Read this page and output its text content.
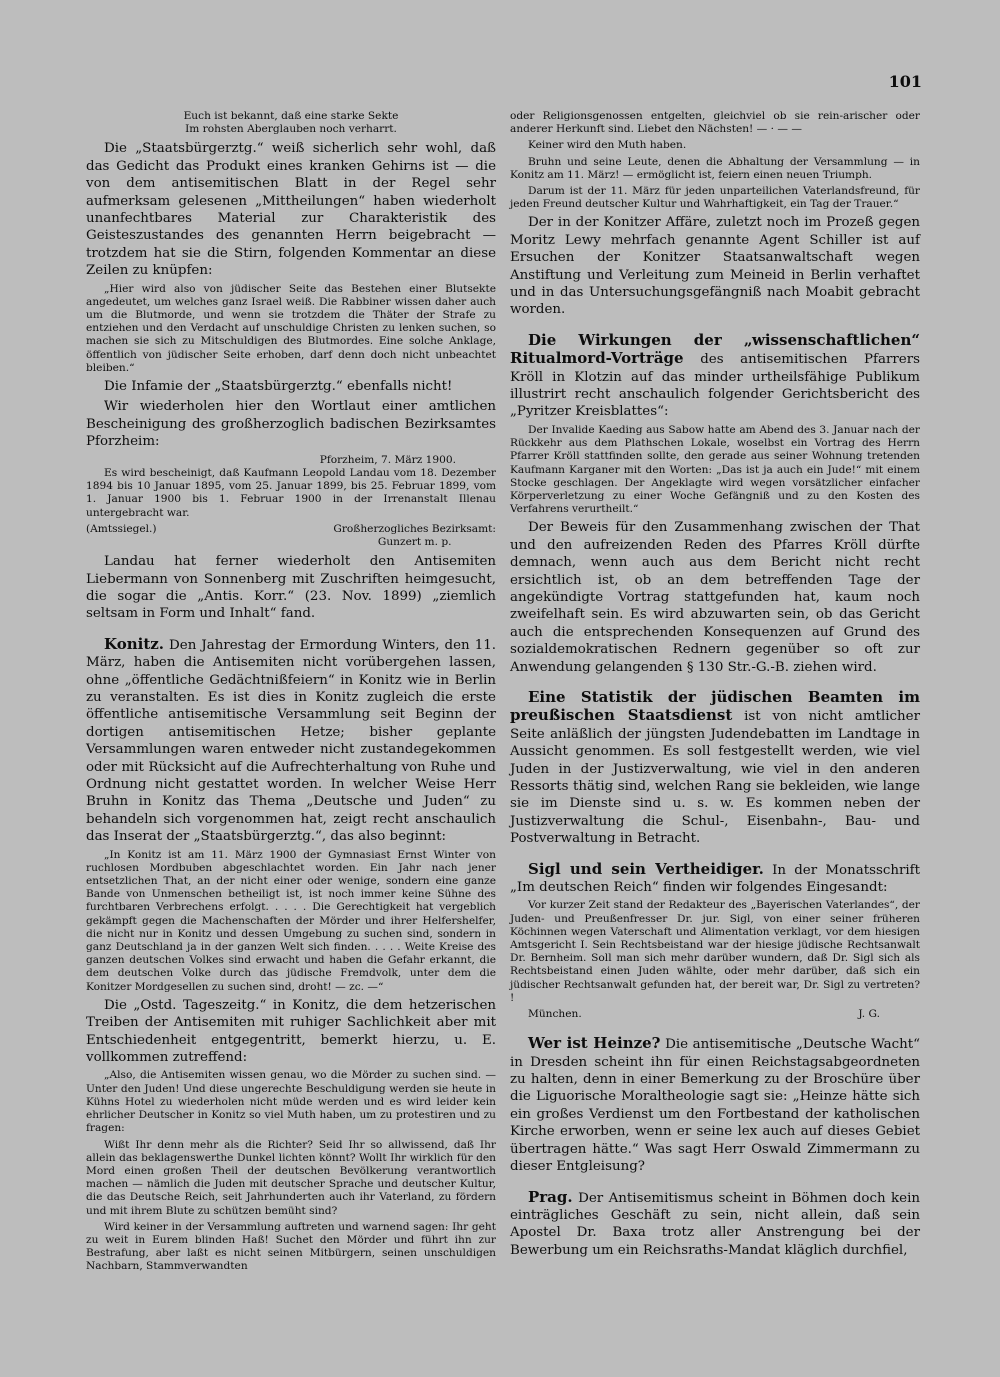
101
Euch ist bekannt, daß eine starke Sekte
Im rohsten Aberglauben noch verharrt.

Die „Staatsbürgerztg.“ weiß sicherlich sehr wohl, daß das Gedicht das Produkt eines kranken Gehirns ist — die von dem antisemitischen Blatt in der Regel sehr aufmerksam gelesenen „Mittheilungen“ haben wiederholt unanfechtbares Material zur Charakteristik des Geisteszustandes des genannten Herrn beigebracht — trotzdem hat sie die Stirn, folgenden Kommentar an diese Zeilen zu knüpfen:

„Hier wird also von jüdischer Seite das Bestehen einer Blutsekte angedeutet, um welches ganz Israel weiß. Die Rabbiner wissen daher auch um die Blutmorde, und wenn sie trotzdem die Thäter der Strafe zu entziehen und den Verdacht auf unschuldige Christen zu lenken suchen, so machen sie sich zu Mitschuldigen des Blutmordes. Eine solche Anklage, öffentlich von jüdischer Seite erhoben, darf denn doch nicht unbeachtet bleiben.“

Die Infamie der „Staatsbürgerztg.“ ebenfalls nicht!

Wir wiederholen hier den Wortlaut einer amtlichen Bescheinigung des großherzoglich badischen Bezirksamtes Pforzheim:

Pforzheim, 7. März 1900.

Es wird bescheinigt, daß Kaufmann Leopold Landau vom 18. Dezember 1894 bis 10 Januar 1895, vom 25. Januar 1899, bis 25. Februar 1899, vom 1. Januar 1900 bis 1. Februar 1900 in der Irrenanstalt Illenau untergebracht war.

(Amtssiegel.)	Großherzogliches Bezirksamt:
Gunzert m. p.

Landau hat ferner wiederholt den Antisemiten Liebermann von Sonnenberg mit Zuschriften heimgesucht, die sogar die „Antis. Korr.“ (23. Nov. 1899) „ziemlich seltsam in Form und Inhalt“ fand.

Konitz. Den Jahrestag der Ermordung Winters, den 11. März, haben die Antisemiten nicht vorübergehen lassen, ohne „öffentliche Gedächtnißfeiern“ in Konitz wie in Berlin zu veranstalten. Es ist dies in Konitz zugleich die erste öffentliche antisemitische Versammlung seit Beginn der dortigen antisemitischen Hetze; bisher geplante Versammlungen waren entweder nicht zustandegekommen oder mit Rücksicht auf die Aufrechterhaltung von Ruhe und Ordnung nicht gestattet worden. In welcher Weise Herr Bruhn in Konitz das Thema „Deutsche und Juden“ zu behandeln sich vorgenommen hat, zeigt recht anschaulich das Inserat der „Staatsbürgerztg.“, das also beginnt:

„In Konitz ist am 11. März 1900 der Gymnasiast Ernst Winter von ruchlosen Mordbuben abgeschlachtet worden. Ein Jahr nach jener entsetzlichen That, an der nicht einer oder wenige, sondern eine ganze Bande von Unmenschen betheiligt ist, ist noch immer keine Sühne des furchtbaren Verbrechens erfolgt. . . . . Die Gerechtigkeit hat vergeblich gekämpft gegen die Machenschaften der Mörder und ihrer Helfershelfer, die nicht nur in Konitz und dessen Umgebung zu suchen sind, sondern in ganz Deutschland ja in der ganzen Welt sich finden. . . . . Weite Kreise des ganzen deutschen Volkes sind erwacht und haben die Gefahr erkannt, die dem deutschen Volke durch das jüdische Fremdvolk, unter dem die Konitzer Mordgesellen zu suchen sind, droht! — zc. —“

Die „Ostd. Tageszeitg.“ in Konitz, die dem hetzerischen Treiben der Antisemiten mit ruhiger Sachlichkeit aber mit Entschiedenheit entgegentritt, bemerkt hierzu, u. E. vollkommen zutreffend:

„Also, die Antisemiten wissen genau, wo die Mörder zu suchen sind. — Unter den Juden! Und diese ungerechte Beschuldigung werden sie heute in Kühns Hotel zu wiederholen nicht müde werden und es wird leider kein ehrlicher Deutscher in Konitz so viel Muth haben, um zu protestiren und zu fragen:

Wißt Ihr denn mehr als die Richter? Seid Ihr so allwissend, daß Ihr allein das beklagenswerthe Dunkel lichten könnt? Wollt Ihr wirklich für den Mord einen großen Theil der deutschen Bevölkerung verantwortlich machen — nämlich die Juden mit deutscher Sprache und deutscher Kultur, die das Deutsche Reich, seit Jahrhunderten auch ihr Vaterland, zu fördern und mit ihrem Blute zu schützen bemüht sind?

Wird keiner in der Versammlung auftreten und warnend sagen: Ihr geht zu weit in Eurem blinden Haß! Suchet den Mörder und führt ihn zur Bestrafung, aber laßt es nicht seinen Mitbürgern, seinen unschuldigen Nachbarn, Stammverwandten

oder Religionsgenossen entgelten, gleichviel ob sie rein-arischer oder anderer Herkunft sind. Liebet den Nächsten! — · — —

Keiner wird den Muth haben.

Bruhn und seine Leute, denen die Abhaltung der Versammlung — in Konitz am 11. März! — ermöglicht ist, feiern einen neuen Triumph.

Darum ist der 11. März für jeden unparteilichen Vaterlandsfreund, für jeden Freund deutscher Kultur und Wahrhaftigkeit, ein Tag der Trauer.“

Der in der Konitzer Affäre, zuletzt noch im Prozeß gegen Moritz Lewy mehrfach genannte Agent Schiller ist auf Ersuchen der Konitzer Staatsanwaltschaft wegen Anstiftung und Verleitung zum Meineid in Berlin verhaftet und in das Untersuchungsgefängniß nach Moabit gebracht worden.

Die Wirkungen der „wissenschaftlichen“ Ritualmord-Vorträge des antisemitischen Pfarrers Kröll in Klotzin auf das minder urtheilsfähige Publikum illustrirt recht anschaulich folgender Gerichtsbericht des „Pyritzer Kreisblattes“:

Der Invalide Kaeding aus Sabow hatte am Abend des 3. Januar nach der Rückkehr aus dem Plathschen Lokale, woselbst ein Vortrag des Herrn Pfarrer Kröll stattfinden sollte, den gerade aus seiner Wohnung tretenden Kaufmann Karganer mit den Worten: „Das ist ja auch ein Jude!“ mit einem Stocke geschlagen. Der Angeklagte wird wegen vorsätzlicher einfacher Körperverletzung zu einer Woche Gefängniß und zu den Kosten des Verfahrens verurtheilt.“

Der Beweis für den Zusammenhang zwischen der That und den aufreizenden Reden des Pfarres Kröll dürfte demnach, wenn auch aus dem Bericht nicht recht ersichtlich ist, ob an dem betreffenden Tage der angekündigte Vortrag stattgefunden hat, kaum noch zweifelhaft sein. Es wird abzuwarten sein, ob das Gericht auch die entsprechenden Konsequenzen auf Grund des sozialdemokratischen Rednern gegenüber so oft zur Anwendung gelangenden § 130 Str.-G.-B. ziehen wird.

Eine Statistik der jüdischen Beamten im preußischen Staatsdienst ist von nicht amtlicher Seite anläßlich der jüngsten Judendebatten im Landtage in Aussicht genommen. Es soll festgestellt werden, wie viel Juden in der Justizverwaltung, wie viel in den anderen Ressorts thätig sind, welchen Rang sie bekleiden, wie lange sie im Dienste sind u. s. w. Es kommen neben der Justizverwaltung die Schul-, Eisenbahn-, Bau- und Postverwaltung in Betracht.

Sigl und sein Vertheidiger. In der Monatsschrift „Im deutschen Reich“ finden wir folgendes Eingesandt:

Vor kurzer Zeit stand der Redakteur des „Bayerischen Vaterlandes“, der Juden- und Preußenfresser Dr. jur. Sigl, von einer seiner früheren Köchinnen wegen Vaterschaft und Alimentation verklagt, vor dem hiesigen Amtsgericht I. Sein Rechtsbeistand war der hiesige jüdische Rechtsanwalt Dr. Bernheim. Soll man sich mehr darüber wundern, daß Dr. Sigl sich als Rechtsbeistand einen Juden wählte, oder mehr darüber, daß sich ein jüdischer Rechtsanwalt gefunden hat, der bereit war, Dr. Sigl zu vertreten? !

München.	J. G.

Wer ist Heinze? Die antisemitische „Deutsche Wacht“ in Dresden scheint ihn für einen Reichstagsabgeordneten zu halten, denn in einer Bemerkung zu der Broschüre über die Liguorische Moraltheologie sagt sie: „Heinze hätte sich ein großes Verdienst um den Fortbestand der katholischen Kirche erworben, wenn er seine lex auch auf dieses Gebiet übertragen hätte.“ Was sagt Herr Oswald Zimmermann zu dieser Entgleisung?

Prag. Der Antisemitismus scheint in Böhmen doch kein einträgliches Geschäft zu sein, nicht allein, daß sein Apostel Dr. Baxa trotz aller Anstrengung bei der Bewerbung um ein Reichsraths-Mandat kläglich durchfiel,
